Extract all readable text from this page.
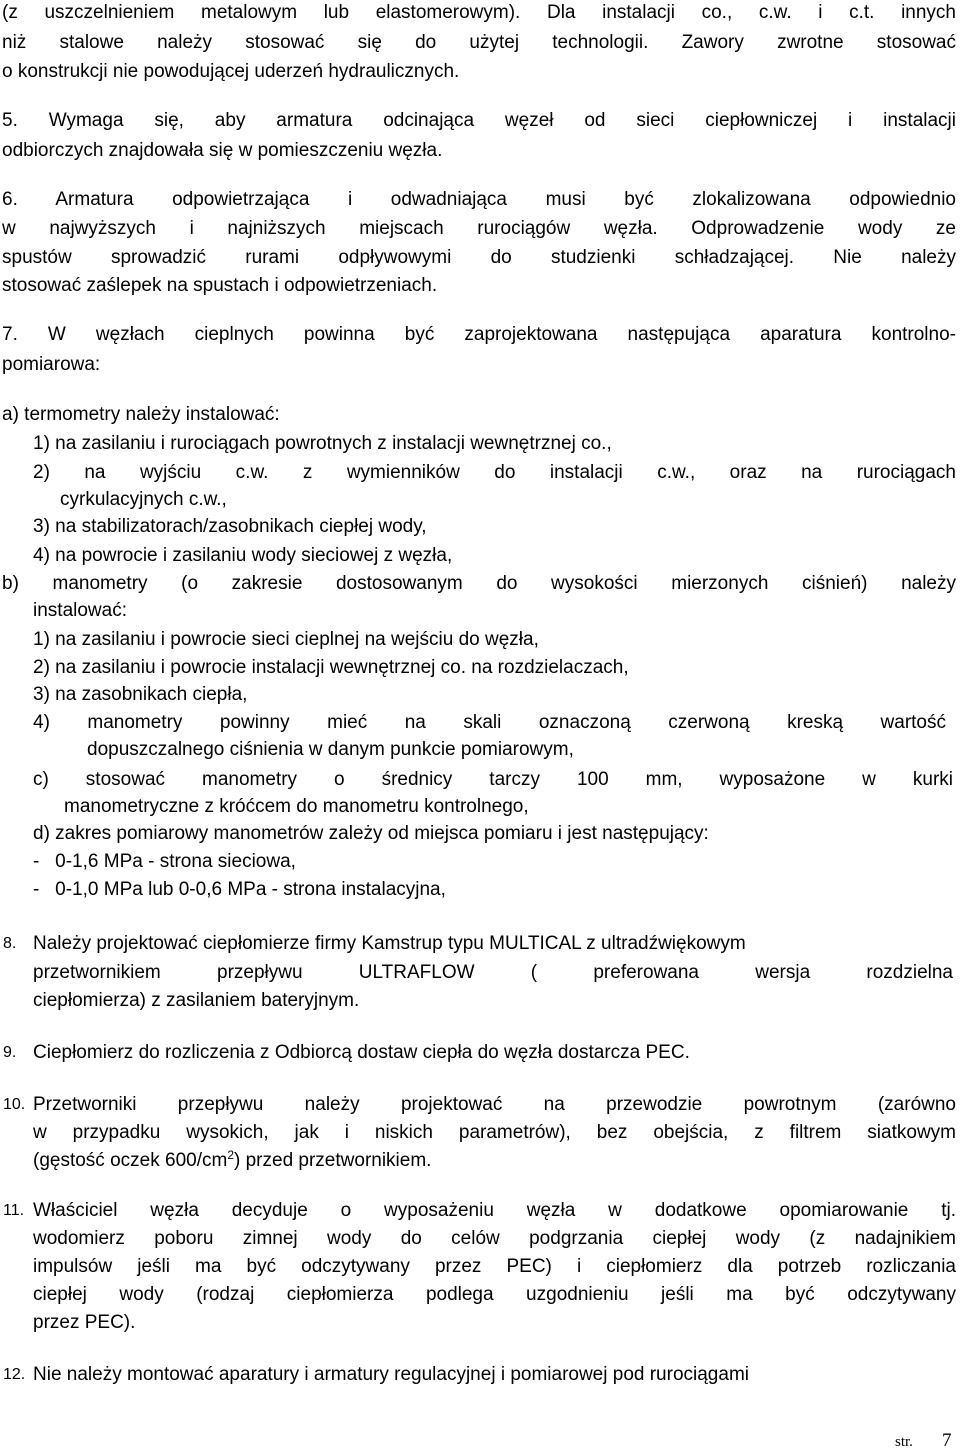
(z uszczelnieniem metalowym lub elastomerowym). Dla instalacji co., c.w. i c.t. innych
niż stalowe należy stosować się do użytej technologii. Zawory zwrotne stosować
o konstrukcji nie powodującej uderzeń hydraulicznych.
5. Wymaga się, aby armatura odcinająca węzeł od sieci ciepłowniczej i instalacji
odbiorczych znajdowała się w pomieszczeniu węzła.
6. Armatura odpowietrzająca i odwadniająca musi być zlokalizowana odpowiednio
w najwyższych i najniższych miejscach rurociągów węzła. Odprowadzenie wody ze
spustów sprowadzić rurami odpływowymi do studzienki schładzającej. Nie należy
stosować zaślepek na spustach i odpowietrzeniach.
7. W węzłach cieplnych powinna być zaprojektowana następująca aparatura kontrolno-
pomiarowa:
a) termometry należy instalować:
1) na zasilaniu i rurociągach powrotnych z instalacji wewnętrznej co.,
2) na wyjściu c.w. z wymienników do instalacji c.w., oraz na rurociągach
cyrkulacyjnych c.w.,
3) na stabilizatorach/zasobnikach ciepłej wody,
4) na powrocie i zasilaniu wody sieciowej z węzła,
b) manometry (o zakresie dostosowanym do wysokości mierzonych ciśnień) należy
instalować:
1) na zasilaniu i powrocie sieci cieplnej na wejściu do węzła,
2) na zasilaniu i powrocie instalacji wewnętrznej co. na rozdzielaczach,
3) na zasobnikach ciepła,
4) manometry powinny mieć na skali oznaczoną czerwoną kreską wartość
dopuszczalnego ciśnienia w danym punkcie pomiarowym,
c) stosować manometry o średnicy tarczy 100 mm, wyposażone w kurki
manometryczne z króćcem do manometru kontrolnego,
d) zakres pomiarowy manometrów zależy od miejsca pomiaru i jest następujący:
-   0-1,6 MPa - strona sieciowa,
-   0-1,0 MPa lub 0-0,6 MPa - strona instalacyjna,
8. Należy projektować ciepłomierze firmy Kamstrup typu MULTICAL z ultradźwiękowym
przetwornikiem przepływu ULTRAFLOW ( preferowana wersja rozdzielna
ciepłomierza) z zasilaniem bateryjnym.
9. Ciepłomierz do rozliczenia z Odbiorcą dostaw ciepła do węzła dostarcza PEC.
10. Przetworniki przepływu należy projektować na przewodzie powrotnym (zarówno
w przypadku wysokich, jak i niskich parametrów), bez obejścia, z filtrem siatkowym
(gęstość oczek $600/cm^2$) przed przetwornikiem.
11. Właściciel węzła decyduje o wyposażeniu węzła w dodatkowe opomiarowanie tj.
wodomierz poboru zimnej wody do celów podgrzania ciepłej wody (z nadajnikiem
impulsów jeśli ma być odczytywany przez PEC) i ciepłomierz dla potrzeb rozliczania
ciepłej wody (rodzaj ciepłomierza podlega uzgodnieniu jeśli ma być odczytywany
przez PEC).
12. Nie należy montować aparatury i armatury regulacyjnej i pomiarowej pod rurociągami
str. 7
